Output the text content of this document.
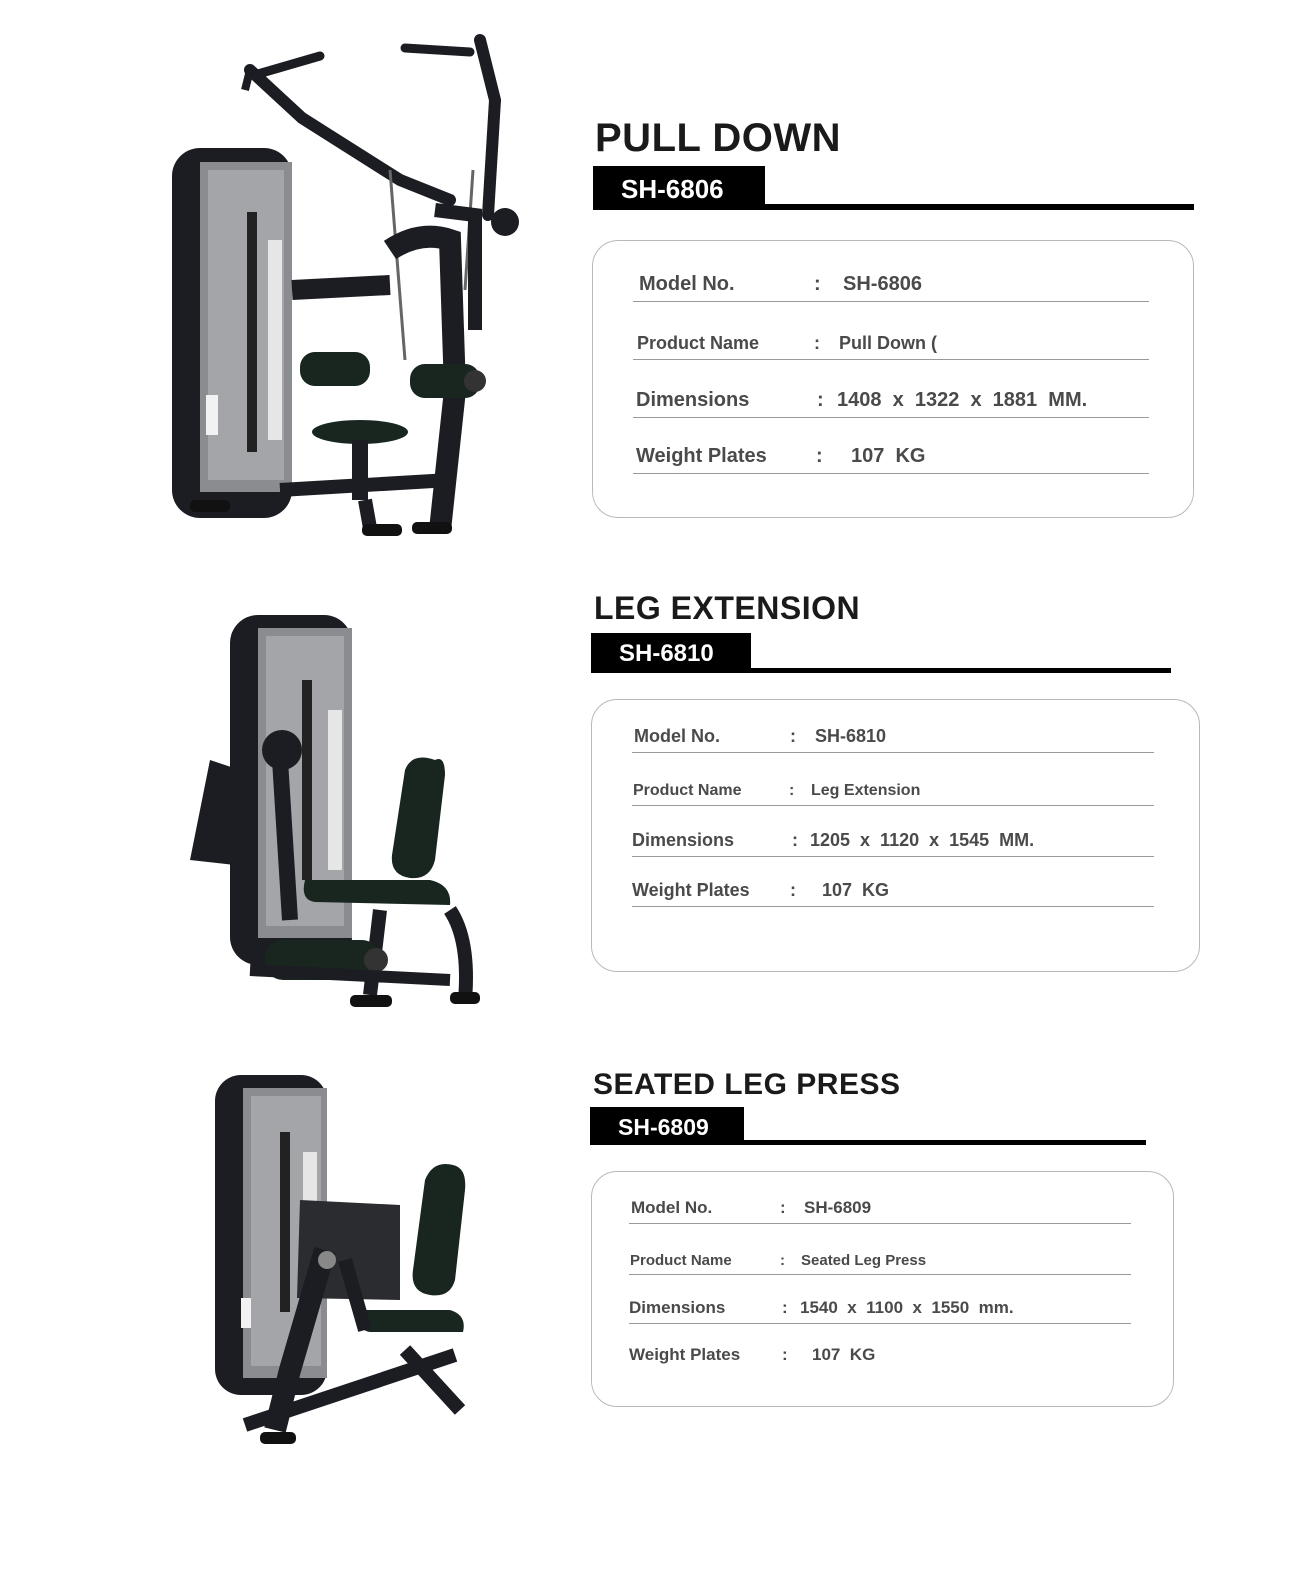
PULL DOWN
SH-6806
Model No.	: SH-6806
Product Name	: Pull Down (
Dimensions	: 1408  x  1322  x  1881  MM.
Weight Plates : 107  KG
LEG EXTENSION
SH-6810
Model No.	: SH-6810
Product Name	: Leg Extension
Dimensions	: 1205  x  1120  x  1545  MM.
Weight Plates : 107  KG
SEATED LEG PRESS
SH-6809
Model No.	: SH-6809
Product Name	: Seated Leg Press
Dimensions	: 1540  x  1100  x  1550  mm.
Weight Plates : 107  KG
